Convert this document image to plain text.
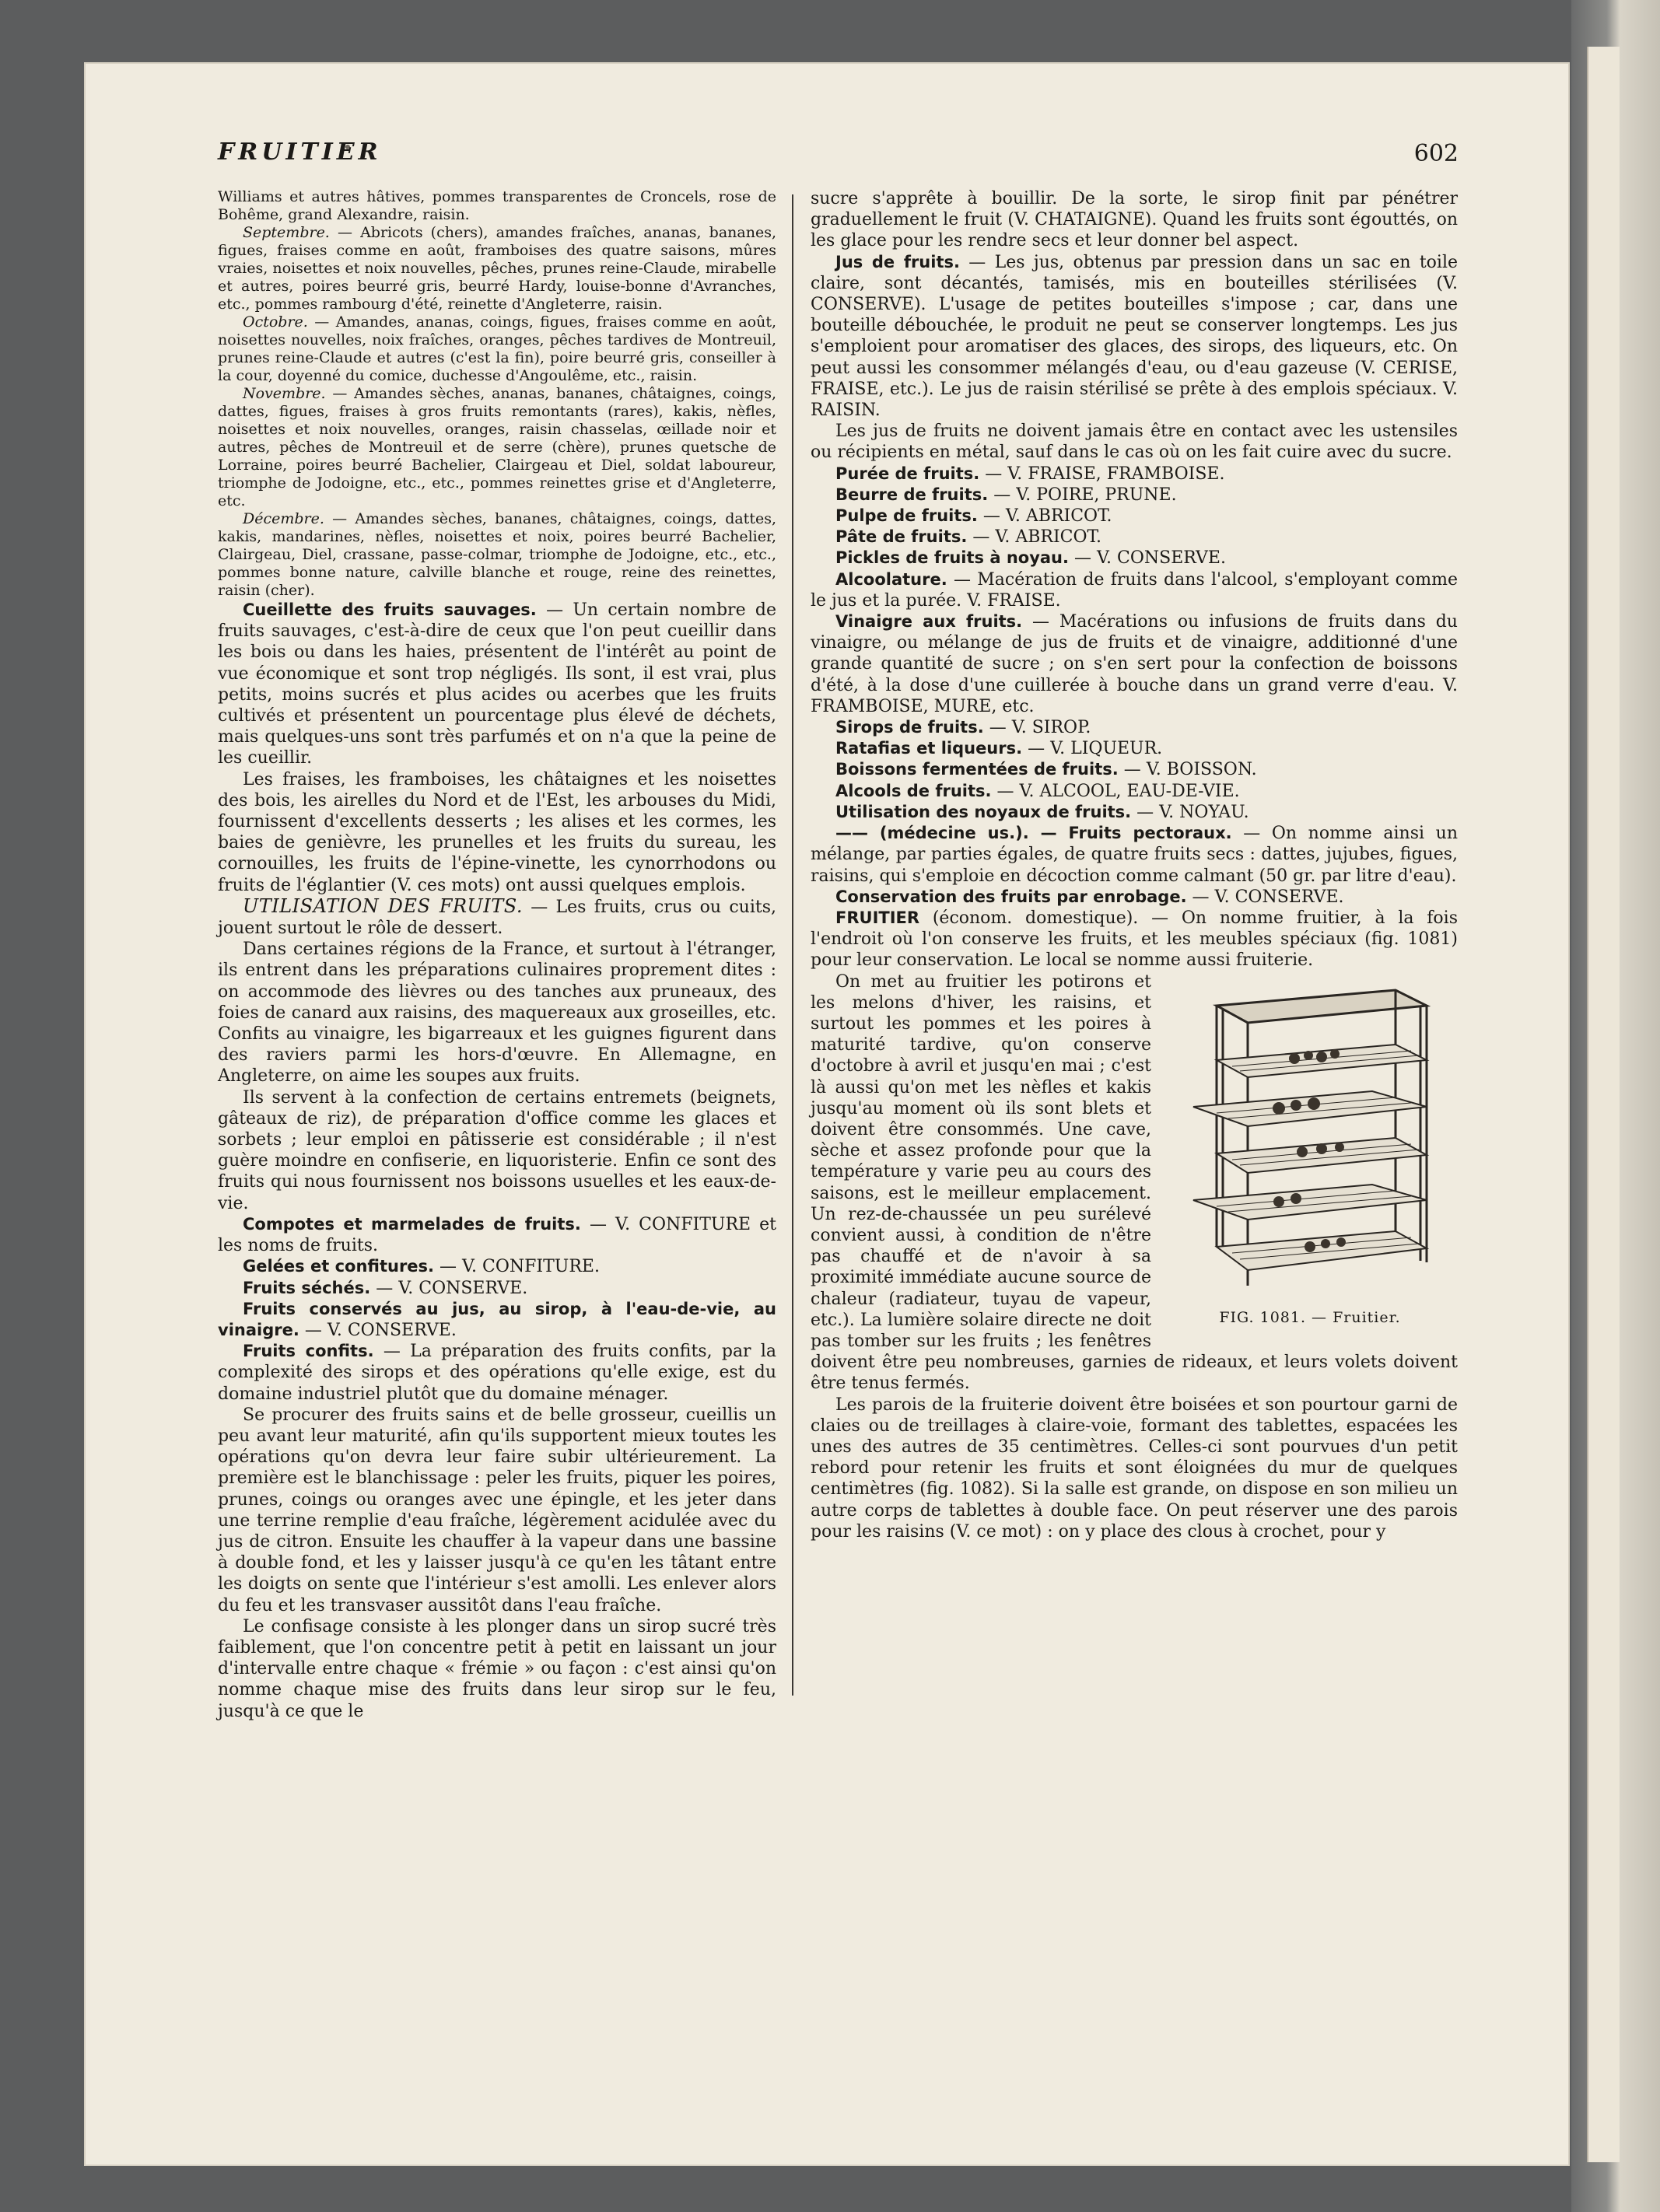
FRUITIER	602

Williams et autres hâtives, pommes transparentes de Croncels, rose de Bohême, grand Alexandre, raisin.

Septembre. — Abricots (chers), amandes fraîches, ananas, bananes, figues, fraises comme en août, framboises des quatre saisons, mûres vraies, noisettes et noix nouvelles, pêches, prunes reine-Claude, mirabelle et autres, poires beurré gris, beurré Hardy, louise-bonne d'Avranches, etc., pommes rambourg d'été, reinette d'Angleterre, raisin.

Octobre. — Amandes, ananas, coings, figues, fraises comme en août, noisettes nouvelles, noix fraîches, oranges, pêches tardives de Montreuil, prunes reine-Claude et autres (c'est la fin), poire beurré gris, conseiller à la cour, doyenné du comice, duchesse d'Angoulême, etc., raisin.

Novembre. — Amandes sèches, ananas, bananes, châtaignes, coings, dattes, figues, fraises à gros fruits remontants (rares), kakis, nèfles, noisettes et noix nouvelles, oranges, raisin chasselas, œillade noir et autres, pêches de Montreuil et de serre (chère), prunes quetsche de Lorraine, poires beurré Bachelier, Clairgeau et Diel, soldat laboureur, triomphe de Jodoigne, etc., etc., pommes reinettes grise et d'Angleterre, etc.

Décembre. — Amandes sèches, bananes, châtaignes, coings, dattes, kakis, mandarines, nèfles, noisettes et noix, poires beurré Bachelier, Clairgeau, Diel, crassane, passe-colmar, triomphe de Jodoigne, etc., etc., pommes bonne nature, calville blanche et rouge, reine des reinettes, raisin (cher).

Cueillette des fruits sauvages. — Un certain nombre de fruits sauvages, c'est-à-dire de ceux que l'on peut cueillir dans les bois ou dans les haies, présentent de l'intérêt au point de vue économique et sont trop négligés. Ils sont, il est vrai, plus petits, moins sucrés et plus acides ou acerbes que les fruits cultivés et présentent un pourcentage plus élevé de déchets, mais quelques-uns sont très parfumés et on n'a que la peine de les cueillir.

Les fraises, les framboises, les châtaignes et les noisettes des bois, les airelles du Nord et de l'Est, les arbouses du Midi, fournissent d'excellents desserts ; les alises et les cormes, les baies de genièvre, les prunelles et les fruits du sureau, les cornouilles, les fruits de l'épine-vinette, les cynorrhodons ou fruits de l'églantier (V. ces mots) ont aussi quelques emplois.

UTILISATION DES FRUITS. — Les fruits, crus ou cuits, jouent surtout le rôle de dessert.

Dans certaines régions de la France, et surtout à l'étranger, ils entrent dans les préparations culinaires proprement dites : on accommode des lièvres ou des tanches aux pruneaux, des foies de canard aux raisins, des maquereaux aux groseilles, etc. Confits au vinaigre, les bigarreaux et les guignes figurent dans des raviers parmi les hors-d'œuvre. En Allemagne, en Angleterre, on aime les soupes aux fruits.

Ils servent à la confection de certains entremets (beignets, gâteaux de riz), de préparation d'office comme les glaces et sorbets ; leur emploi en pâtisserie est considérable ; il n'est guère moindre en confiserie, en liquoristerie. Enfin ce sont des fruits qui nous fournissent nos boissons usuelles et les eaux-de-vie.

Compotes et marmelades de fruits. — V. CONFITURE et les noms de fruits.

Gelées et confitures. — V. CONFITURE.

Fruits séchés. — V. CONSERVE.

Fruits conservés au jus, au sirop, à l'eau-de-vie, au vinaigre. — V. CONSERVE.

Fruits confits. — La préparation des fruits confits, par la complexité des sirops et des opérations qu'elle exige, est du domaine industriel plutôt que du domaine ménager.

Se procurer des fruits sains et de belle grosseur, cueillis un peu avant leur maturité, afin qu'ils supportent mieux toutes les opérations qu'on devra leur faire subir ultérieurement. La première est le blanchissage : peler les fruits, piquer les poires, prunes, coings ou oranges avec une épingle, et les jeter dans une terrine remplie d'eau fraîche, légèrement acidulée avec du jus de citron. Ensuite les chauffer à la vapeur dans une bassine à double fond, et les y laisser jusqu'à ce qu'en les tâtant entre les doigts on sente que l'intérieur s'est amolli. Les enlever alors du feu et les transvaser aussitôt dans l'eau fraîche.

Le confisage consiste à les plonger dans un sirop sucré très faiblement, que l'on concentre petit à petit en laissant un jour d'intervalle entre chaque « frémie » ou façon : c'est ainsi qu'on nomme chaque mise des fruits dans leur sirop sur le feu, jusqu'à ce que le

sucre s'apprête à bouillir. De la sorte, le sirop finit par pénétrer graduellement le fruit (V. CHATAIGNE). Quand les fruits sont égouttés, on les glace pour les rendre secs et leur donner bel aspect.

Jus de fruits. — Les jus, obtenus par pression dans un sac en toile claire, sont décantés, tamisés, mis en bouteilles stérilisées (V. CONSERVE). L'usage de petites bouteilles s'impose ; car, dans une bouteille débouchée, le produit ne peut se conserver longtemps. Les jus s'emploient pour aromatiser des glaces, des sirops, des liqueurs, etc. On peut aussi les consommer mélangés d'eau, ou d'eau gazeuse (V. CERISE, FRAISE, etc.). Le jus de raisin stérilisé se prête à des emplois spéciaux. V. RAISIN.

Les jus de fruits ne doivent jamais être en contact avec les ustensiles ou récipients en métal, sauf dans le cas où on les fait cuire avec du sucre.

Purée de fruits. — V. FRAISE, FRAMBOISE.

Beurre de fruits. — V. POIRE, PRUNE.

Pulpe de fruits. — V. ABRICOT.

Pâte de fruits. — V. ABRICOT.

Pickles de fruits à noyau. — V. CONSERVE.

Alcoolature. — Macération de fruits dans l'alcool, s'employant comme le jus et la purée. V. FRAISE.

Vinaigre aux fruits. — Macérations ou infusions de fruits dans du vinaigre, ou mélange de jus de fruits et de vinaigre, additionné d'une grande quantité de sucre ; on s'en sert pour la confection de boissons d'été, à la dose d'une cuillerée à bouche dans un grand verre d'eau. V. FRAMBOISE, MURE, etc.

Sirops de fruits. — V. SIROP.

Ratafias et liqueurs. — V. LIQUEUR.

Boissons fermentées de fruits. — V. BOISSON.

Alcools de fruits. — V. ALCOOL, EAU-DE-VIE.

Utilisation des noyaux de fruits. — V. NOYAU.

—— (médecine us.). — Fruits pectoraux. — On nomme ainsi un mélange, par parties égales, de quatre fruits secs : dattes, jujubes, figues, raisins, qui s'emploie en décoction comme calmant (50 gr. par litre d'eau).

Conservation des fruits par enrobage. — V. CONSERVE.

FRUITIER (économ. domestique). — On nomme fruitier, à la fois l'endroit où l'on conserve les fruits, et les meubles spéciaux (fig. 1081) pour leur conservation. Le local se nomme aussi fruiterie.

FIG. 1081. — Fruitier.

On met au fruitier les potirons et les melons d'hiver, les raisins, et surtout les pommes et les poires à maturité tardive, qu'on conserve d'octobre à avril et jusqu'en mai ; c'est là aussi qu'on met les nèfles et kakis jusqu'au moment où ils sont blets et doivent être consommés. Une cave, sèche et assez profonde pour que la température y varie peu au cours des saisons, est le meilleur emplacement. Un rez-de-chaussée un peu surélevé convient aussi, à condition de n'être pas chauffé et de n'avoir à sa proximité immédiate aucune source de chaleur (radiateur, tuyau de vapeur, etc.). La lumière solaire directe ne doit pas tomber sur les fruits ; les fenêtres doivent être peu nombreuses, garnies de rideaux, et leurs volets doivent être tenus fermés.

Les parois de la fruiterie doivent être boisées et son pourtour garni de claies ou de treillages à claire-voie, formant des tablettes, espacées les unes des autres de 35 centimètres. Celles-ci sont pourvues d'un petit rebord pour retenir les fruits et sont éloignées du mur de quelques centimètres (fig. 1082). Si la salle est grande, on dispose en son milieu un autre corps de tablettes à double face. On peut réserver une des parois pour les raisins (V. ce mot) : on y place des clous à crochet, pour y
